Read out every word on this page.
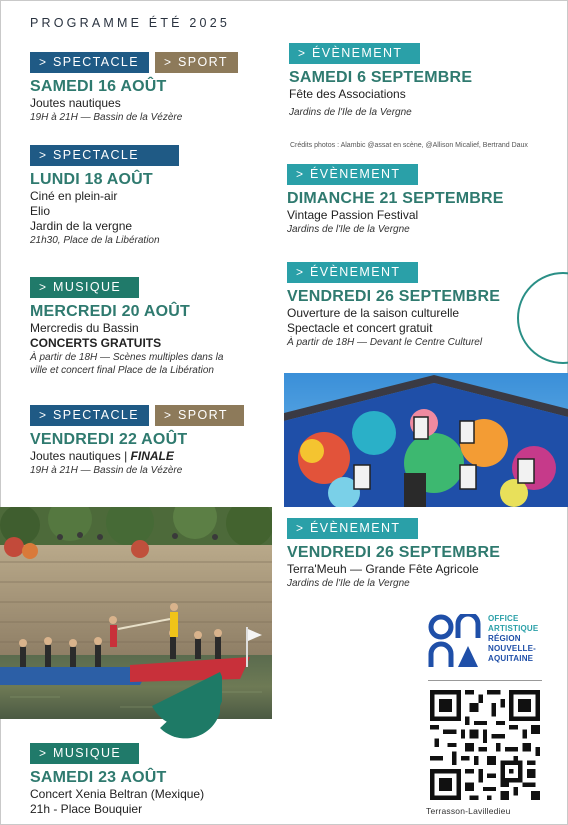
PROGRAMME ÉTÉ 2025
> SPECTACLE	> SPORT
SAMEDI 16 AOÛT
Joutes nautiques
19H à 21H — Bassin de la Vézère
> SPECTACLE
LUNDI 18 AOÛT
Ciné en plein-air
Elio
Jardin de la vergne
21h30, Place de la Libération
> MUSIQUE
MERCREDI 20 AOÛT
Mercredis du Bassin
CONCERTS GRATUITS
À partir de 18H — Scènes multiples dans la ville et concert final Place de la Libération
> SPECTACLE	> SPORT
VENDREDI 22 AOÛT
Joutes nautiques | FINALE
19H à 21H — Bassin de la Vézère
> MUSIQUE
SAMEDI 23 AOÛT
Concert Xenia Beltran (Mexique)
21h - Place Bouquier
> ÉVÈNEMENT
SAMEDI 6 SEPTEMBRE
Fête des Associations
Jardins de l'Ile de la Vergne
Crédits photos : Alambic @assat en scène, @Allison Micalief, Bertrand Daux
> ÉVÈNEMENT
DIMANCHE 21 SEPTEMBRE
Vintage Passion Festival
Jardins de l'Ile de la Vergne
> ÉVÈNEMENT
VENDREDI 26 SEPTEMBRE
Ouverture de la saison culturelle
Spectacle et concert gratuit
À partir de 18H — Devant le Centre Culturel
> ÉVÈNEMENT
VENDREDI 26 SEPTEMBRE
Terra'Meuh — Grande Fête Agricole
Jardins de l'Ile de la Vergne
OFFICE
ARTISTIQUE
RÉGION
NOUVELLE-
AQUITAINE
Terrasson-Lavilledieu
